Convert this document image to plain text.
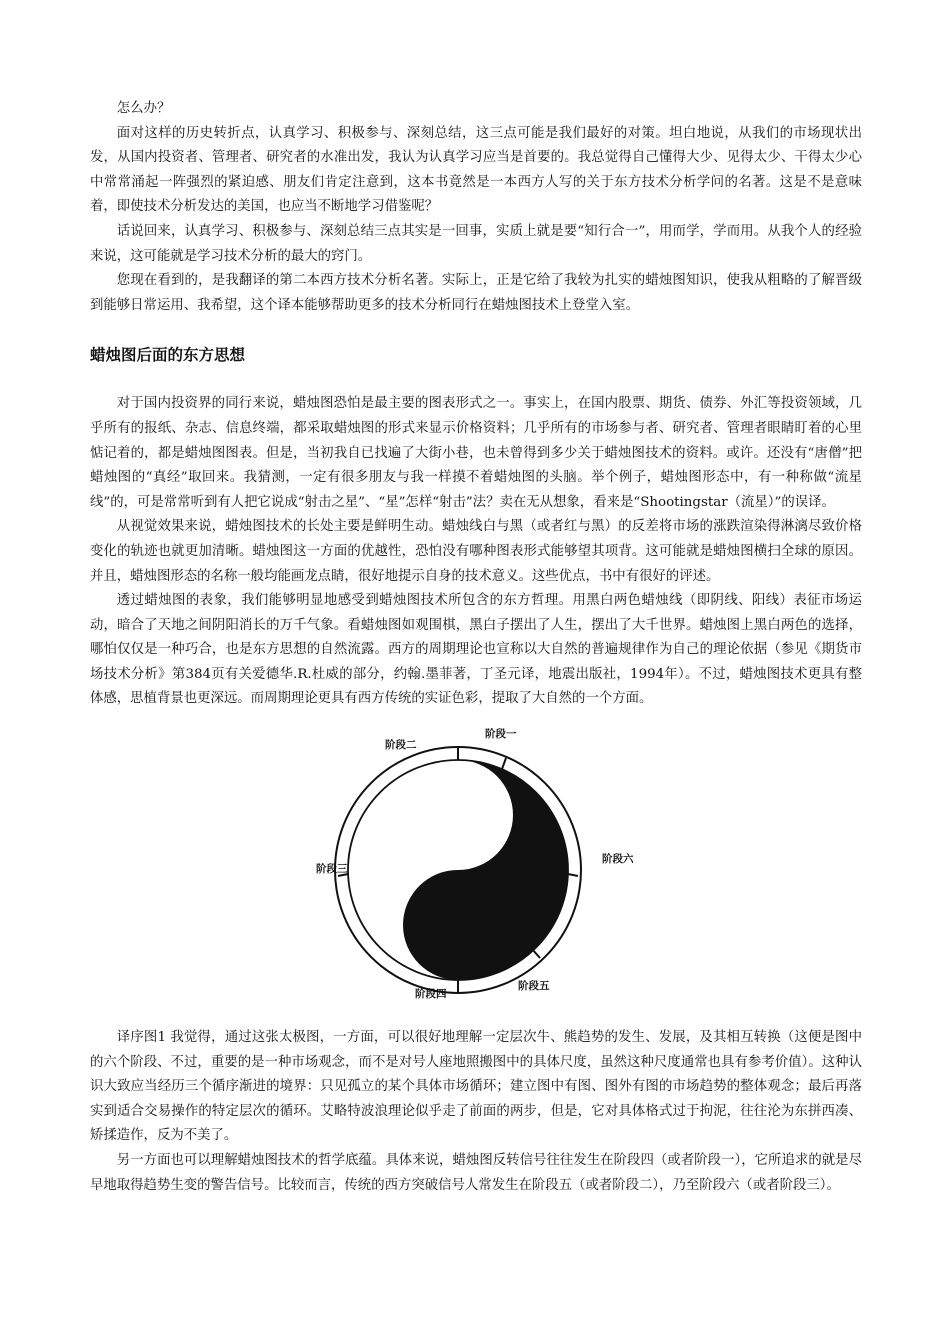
怎么办？

面对这样的历史转折点，认真学习、积极参与、深刻总结，这三点可能是我们最好的对策。坦白地说，从我们的市场现状出发，从国内投资者、管理者、研究者的水准出发，我认为认真学习应当是首要的。我总觉得自己懂得大少、见得太少、干得太少心中常常涌起一阵强烈的紧迫感、朋友们肯定注意到，这本书竟然是一本西方人写的关于东方技术分析学问的名著。这是不是意味着，即使技术分析发达的美国，也应当不断地学习借鉴呢？

话说回来，认真学习、积极参与、深刻总结三点其实是一回事，实质上就是要“知行合一”，用而学，学而用。从我个人的经验来说，这可能就是学习技术分析的最大的窍门。

您现在看到的，是我翻译的第二本西方技术分析名著。实际上，正是它给了我较为扎实的蜡烛图知识，使我从粗略的了解晋级到能够日常运用、我希望，这个译本能够帮助更多的技术分析同行在蜡烛图技术上登堂入室。

蜡烛图后面的东方思想

对于国内投资界的同行来说，蜡烛图恐怕是最主要的图表形式之一。事实上，在国内股票、期货、债券、外汇等投资领域，几乎所有的报纸、杂志、信息终端，都采取蜡烛图的形式来显示价格资料；几乎所有的市场参与者、研究者、管理者眼睛盯着的心里惦记着的，都是蜡烛图图表。但是，当初我自已找遍了大街小巷，也未曾得到多少关于蜡烛图技术的资料。或许。还没有“唐僧”把蜡烛图的“真经”取回来。我猜测，一定有很多朋友与我一样摸不着蜡烛图的头脑。举个例子，蜡烛图形态中，有一种称做“流星线”的，可是常常听到有人把它说成“射击之星”、“星”怎样“射击”法？卖在无从想象，看来是“Shootingstar（流星）”的误译。

从视觉效果来说，蜡烛图技术的长处主要是鲜明生动。蜡烛线白与黑（或者红与黑）的反差将市场的涨跌渲染得淋漓尽致价格变化的轨迹也就更加清晰。蜡烛图这一方面的优越性，恐怕没有哪种图表形式能够望其项背。这可能就是蜡烛图横扫全球的原因。并且，蜡烛图形态的名称一般均能画龙点睛，很好地提示自身的技术意义。这些优点，书中有很好的评述。

透过蜡烛图的表象，我们能够明显地感受到蜡烛图技术所包含的东方哲理。用黑白两色蜡烛线（即阴线、阳线）表征市场运动，暗合了天地之间阴阳消长的万千气象。看蜡烛图如观围棋，黑白子摆出了人生，摆出了大千世界。蜡烛图上黑白两色的选择，哪怕仅仅是一种巧合，也是东方思想的自然流露。西方的周期理论也宣称以大自然的普遍规律作为自己的理论依据（参见《期货市场技术分析》第384页有关爱德华.R.杜威的部分，约翰.墨菲著，丁圣元译，地震出版社，1994年）。不过，蜡烛图技术更具有整体感，思植背景也更深远。而周期理论更具有西方传统的实证色彩，提取了大自然的一个方面。

阶段一
阶段二
阶段三
阶段四
阶段五
阶段六

译序图1 我觉得，通过这张太极图，一方面，可以很好地理解一定层次牛、熊趋势的发生、发展，及其相互转换（这便是图中的六个阶段、不过，重要的是一种市场观念，而不是对号人座地照搬图中的具体尺度，虽然这种尺度通常也具有参考价值）。这种认识大致应当经历三个循序渐进的境界：只见孤立的某个具体市场循环；建立图中有图、图外有图的市场趋势的整体观念；最后再落实到适合交易操作的特定层次的循环。艾略特波浪理论似乎走了前面的两步，但是，它对具体格式过于拘泥，往往沦为东拼西凑、矫揉造作，反为不美了。

另一方面也可以理解蜡烛图技术的哲学底蕴。具体来说，蜡烛图反转信号往往发生在阶段四（或者阶段一），它所追求的就是尽早地取得趋势生变的警告信号。比较而言，传统的西方突破信号人常发生在阶段五（或者阶段二），乃至阶段六（或者阶段三）。
